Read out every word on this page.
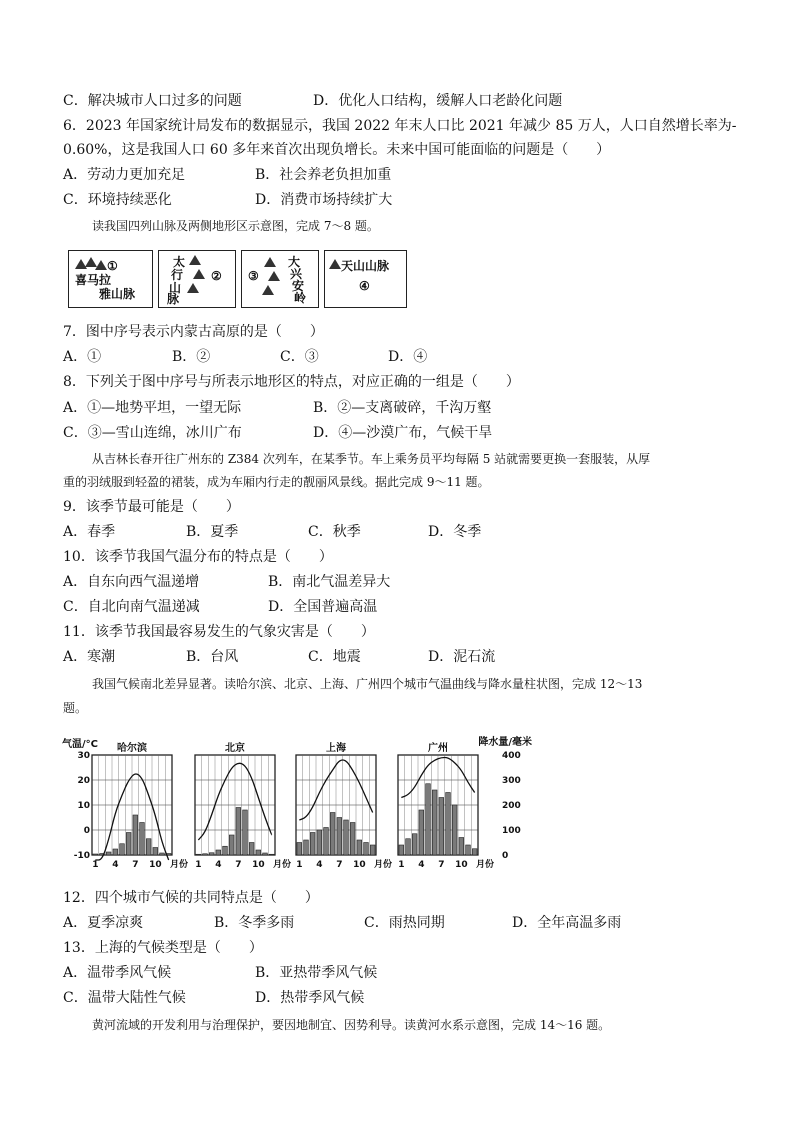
C．解决城市人口过多的问题	D．优化人口结构，缓解人口老龄化问题
6．2023 年国家统计局发布的数据显示，我国 2022 年末人口比 2021 年减少 85 万人，人口自然增长率为-
0.60%，这是我国人口 60 多年来首次出现负增长。未来中国可能面临的问题是（　　）
A．劳动力更加充足	B．社会养老负担加重
C．环境持续恶化	D．消费市场持续扩大
读我国四列山脉及两侧地形区示意图，完成 7～8 题。
①
喜马拉
雅山脉
太
行
山
脉
② ③
大
兴
安
岭
天山山脉
④
7．图中序号表示内蒙古高原的是（　　）
A．①	B．②	C．③	D．④
8．下列关于图中序号与所表示地形区的特点，对应正确的一组是（　　）
A．①—地势平坦，一望无际	B．②—支离破碎，千沟万壑
C．③—雪山连绵，冰川广布	D．④—沙漠广布，气候干旱
从吉林长春开往广州东的 Z384 次列车，在某季节。车上乘务员平均每隔 5 站就需要更换一套服装，从厚
重的羽绒服到轻盈的裙装，成为车厢内行走的靓丽风景线。据此完成 9～11 题。
9．该季节最可能是（　　）
A．春季	B．夏季	C．秋季	D．冬季
10．该季节我国气温分布的特点是（　　）
A．自东向西气温递增	B．南北气温差异大
C．自北向南气温递减	D．全国普遍高温
11．该季节我国最容易发生的气象灾害是（　　）
A．寒潮	B．台风	C．地震	D．泥石流
我国气候南北差异显著。读哈尔滨、北京、上海、广州四个城市气温曲线与降水量柱状图，完成 12～13
题。
气温/°C	降水量/毫米
30
20
10
0
-10
400
300
200
100
0
哈尔滨
1 4 7 10 月份
北京
1 4 7 10 月份
上海
1 4 7 10 月份
广州
1 4 7 10 月份
12．四个城市气候的共同特点是（　　）
A．夏季凉爽	B．冬季多雨	C．雨热同期	D．全年高温多雨
13．上海的气候类型是（　　）
A．温带季风气候	B．亚热带季风气候
C．温带大陆性气候	D．热带季风气候
黄河流域的开发利用与治理保护，要因地制宜、因势利导。读黄河水系示意图，完成 14～16 题。
